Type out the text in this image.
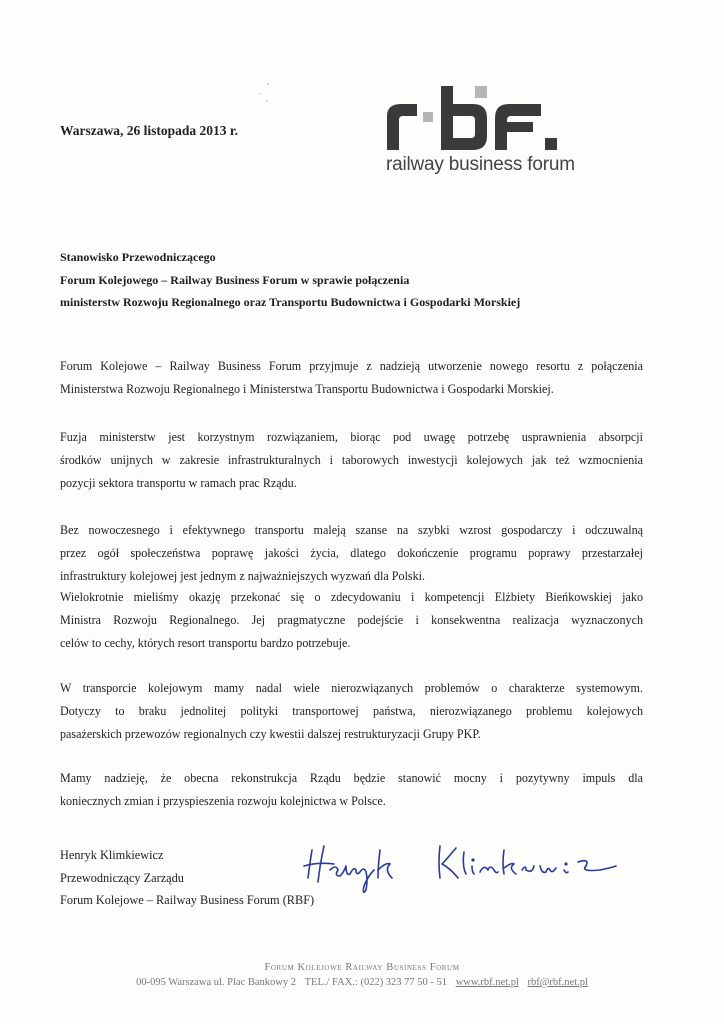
Warszawa, 26 listopada 2013 r.
railway business forum
Stanowisko Przewodniczącego
Forum Kolejowego – Railway Business Forum w sprawie połączenia
ministerstw Rozwoju Regionalnego oraz Transportu Budownictwa i Gospodarki Morskiej
Forum Kolejowe – Railway Business Forum przyjmuje z nadzieją utworzenie nowego resortu z połączenia
Ministerstwa Rozwoju Regionalnego i Ministerstwa Transportu Budownictwa i Gospodarki Morskiej.
Fuzja ministerstw jest korzystnym rozwiązaniem, biorąc pod uwagę potrzebę usprawnienia absorpcji
środków unijnych w zakresie infrastrukturalnych i taborowych inwestycji kolejowych jak też wzmocnienia
pozycji sektora transportu w ramach prac Rządu.
Bez nowoczesnego i efektywnego transportu maleją szanse na szybki wzrost gospodarczy i odczuwalną
przez ogół społeczeństwa poprawę jakości życia, dlatego dokończenie programu poprawy przestarzałej
infrastruktury kolejowej jest jednym z najważniejszych wyzwań dla Polski.
Wielokrotnie mieliśmy okazję przekonać się o zdecydowaniu i kompetencji Elżbiety Bieńkowskiej jako
Ministra Rozwoju Regionalnego. Jej pragmatyczne podejście i konsekwentna realizacja wyznaczonych
celów to cechy, których resort transportu bardzo potrzebuje.
W transporcie kolejowym mamy nadal wiele nierozwiązanych problemów o charakterze systemowym.
Dotyczy to braku jednolitej polityki transportowej państwa, nierozwiązanego problemu kolejowych
pasażerskich przewozów regionalnych czy kwestii dalszej restrukturyzacji Grupy PKP.
Mamy nadzieję, że obecna rekonstrukcja Rządu będzie stanowić mocny i pozytywny impuls dla
koniecznych zmian i przyspieszenia rozwoju kolejnictwa w Polsce.
Henryk Klimkiewicz
Przewodniczący Zarządu
Forum Kolejowe – Railway Business Forum (RBF)
Forum Kolejowe Railway Business Forum
00-095 Warszawa ul. Plac Bankowy 2 TEL./ FAX.: (022) 323 77 50 - 51 www.rbf.net.pl rbf@rbf.net.pl
